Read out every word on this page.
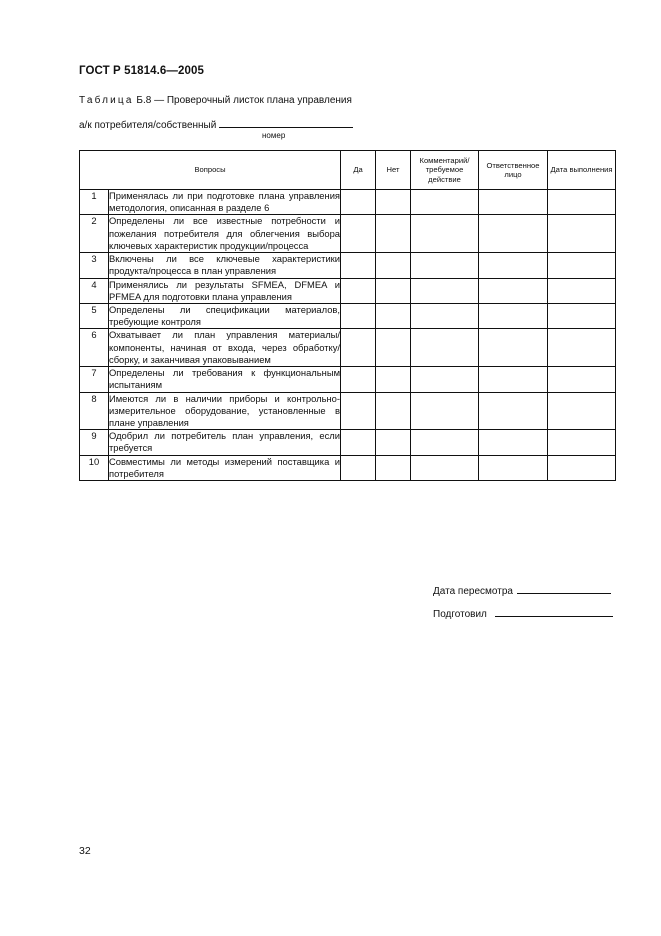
ГОСТ Р 51814.6—2005
Таблица Б.8 — Проверочный листок плана управления
а/к потребителя/собственный
номер
Вопросы		Да	Нет	Комментарий/ требуемое действие	Ответственное лицо	Дата выполнения
1	Применялась ли при подготовке плана управления методология, описанная в разделе 6					
2	Определены ли все известные потребности и пожелания потребителя для облегчения выбора ключевых характеристик продукции/процесса					
3	Включены ли все ключевые характеристики продукта/процесса в план управления					
4	Применялись ли результаты SFMEA, DFMEA и PFMEA для подготовки плана управления					
5	Определены ли спецификации материалов, требующие контроля					
6	Охватывает ли план управления материалы/ компоненты, начиная от входа, через обработку/ сборку, и заканчивая упаковыванием					
7	Определены ли требования к функциональным испытаниям					
8	Имеются ли в наличии приборы и контрольно-измерительное оборудование, установленные в плане управления					
9	Одобрил ли потребитель план управления, если требуется					
10	Совместимы ли методы измерений поставщика и потребителя					
Дата пересмотра
Подготовил
32
